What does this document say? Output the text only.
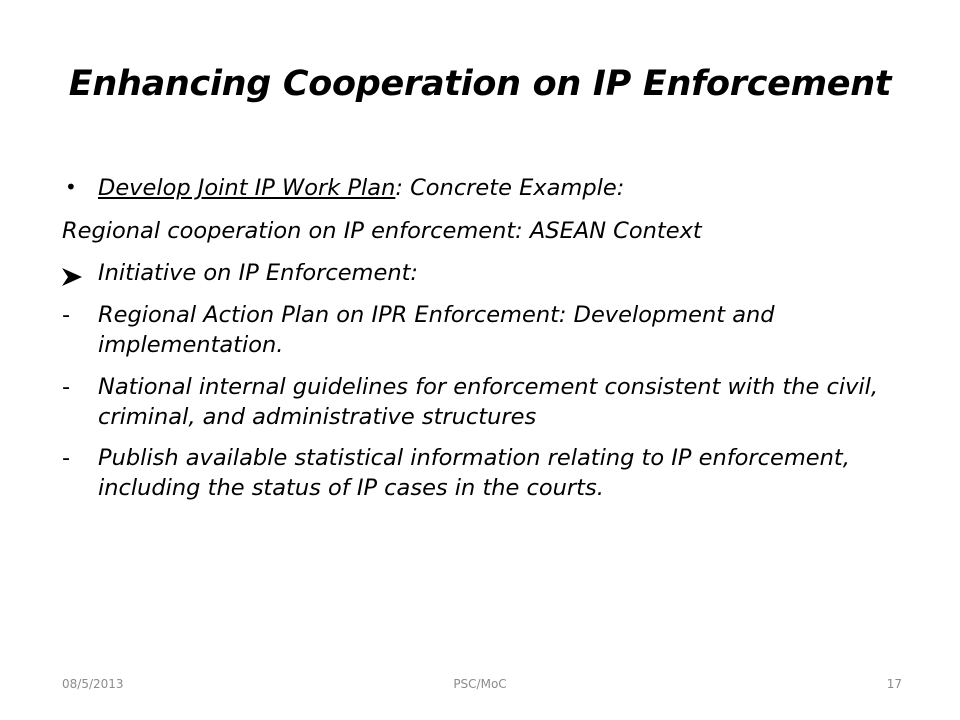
Enhancing Cooperation on IP Enforcement
• Develop Joint IP Work Plan: Concrete Example:
Regional cooperation on IP enforcement: ASEAN Context
Initiative on IP Enforcement:
- Regional Action Plan on IPR Enforcement: Development and implementation.
- National internal guidelines for enforcement consistent with the civil, criminal, and administrative structures
- Publish available statistical information relating to IP enforcement, including the status of IP cases in the courts.
08/5/2013	PSC/MoC	17
